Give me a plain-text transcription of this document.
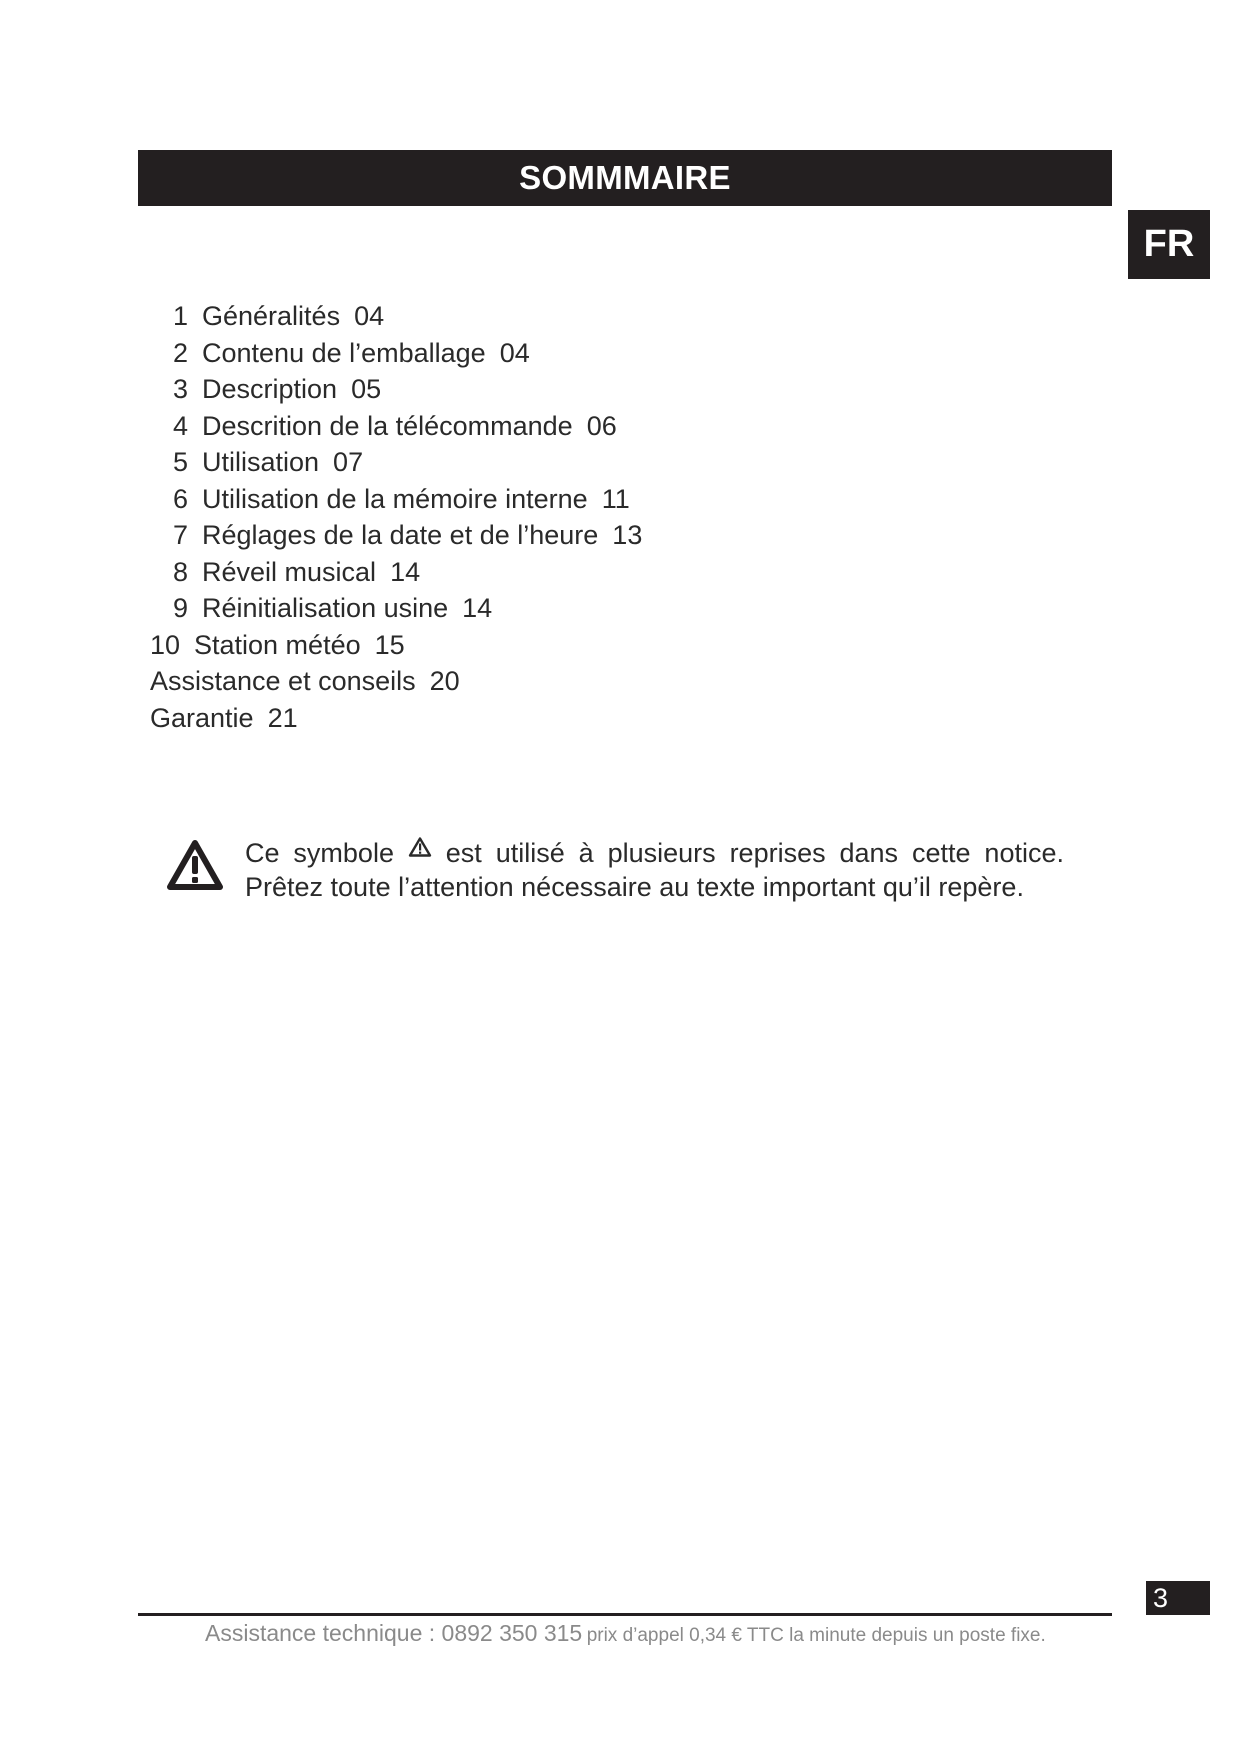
SOMMMAIRE
FR
1 Généralités 04
2 Contenu de l’emballage 04
3 Description 05
4 Descrition de la télécommande 06
5 Utilisation 07
6 Utilisation de la mémoire interne 11
7 Réglages de la date et de l’heure 13
8 Réveil musical 14
9 Réinitialisation usine 14
10 Station météo 15
Assistance et conseils 20
Garantie 21
Ce symbole est utilisé à plusieurs reprises dans cette notice.
Prêtez toute l’attention nécessaire au texte important qu’il repère.
3
Assistance technique : 0892 350 315 prix d’appel 0,34 € TTC la minute depuis un poste fixe.
